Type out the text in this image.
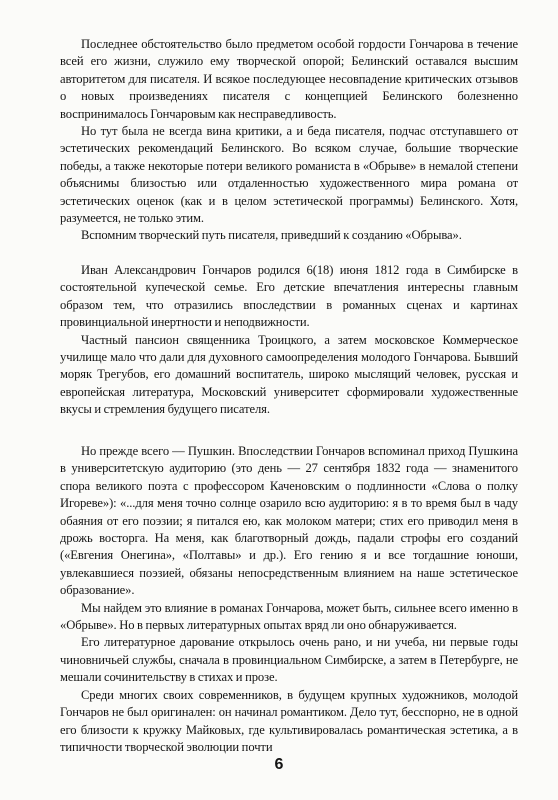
Последнее обстоятельство было предметом особой гордости Гончарова в течение всей его жизни, служило ему творческой опорой; Белинский оставался высшим авторитетом для писателя. И всякое последующее несовпадение критических отзывов о новых произведениях писателя с концепцией Белинского болезненно воспринималось Гончаровым как несправедливость.

Но тут была не всегда вина критики, а и беда писателя, подчас отступавшего от эстетических рекомендаций Белинского. Во всяком случае, большие творческие победы, а также некоторые потери великого романиста в «Обрыве» в немалой степени объяснимы близостью или отдаленностью художественного мира романа от эстетических оценок (как и в целом эстетической программы) Белинского. Хотя, разумеется, не только этим.

Вспомним творческий путь писателя, приведший к созданию «Обрыва».

Иван Александрович Гончаров родился 6(18) июня 1812 года в Симбирске в состоятельной купеческой семье. Его детские впечатления интересны главным образом тем, что отразились впоследствии в романных сценах и картинах провинциальной инертности и неподвижности.

Частный пансион священника Троицкого, а затем московское Коммерческое училище мало что дали для духовного самоопределения молодого Гончарова. Бывший моряк Трегубов, его домашний воспитатель, широко мыслящий человек, русская и европейская литература, Московский университет сформировали художественные вкусы и стремления будущего писателя.

Но прежде всего — Пушкин. Впоследствии Гончаров вспоминал приход Пушкина в университетскую аудиторию (это день — 27 сентября 1832 года — знаменитого спора великого поэта с профессором Каченовским о подлинности «Слова о полку Игореве»): «...для меня точно солнце озарило всю аудиторию: я в то время был в чаду обаяния от его поэзии; я питался ею, как молоком матери; стих его приводил меня в дрожь восторга. На меня, как благотворный дождь, падали строфы его созданий («Евгения Онегина», «Полтавы» и др.). Его гению я и все тогдашние юноши, увлекавшиеся поэзией, обязаны непосредственным влиянием на наше эстетическое образование».

Мы найдем это влияние в романах Гончарова, может быть, сильнее всего именно в «Обрыве». Но в первых литературных опытах вряд ли оно обнаруживается.

Его литературное дарование открылось очень рано, и ни учеба, ни первые годы чиновничьей службы, сначала в провинциальном Симбирске, а затем в Петербурге, не мешали сочинительству в стихах и прозе.

Среди многих своих современников, в будущем крупных художников, молодой Гончаров не был оригинален: он начинал романтиком. Дело тут, бесспорно, не в одной его близости к кружку Майковых, где культивировалась романтическая эстетика, а в типичности творческой эволюции почти

6
